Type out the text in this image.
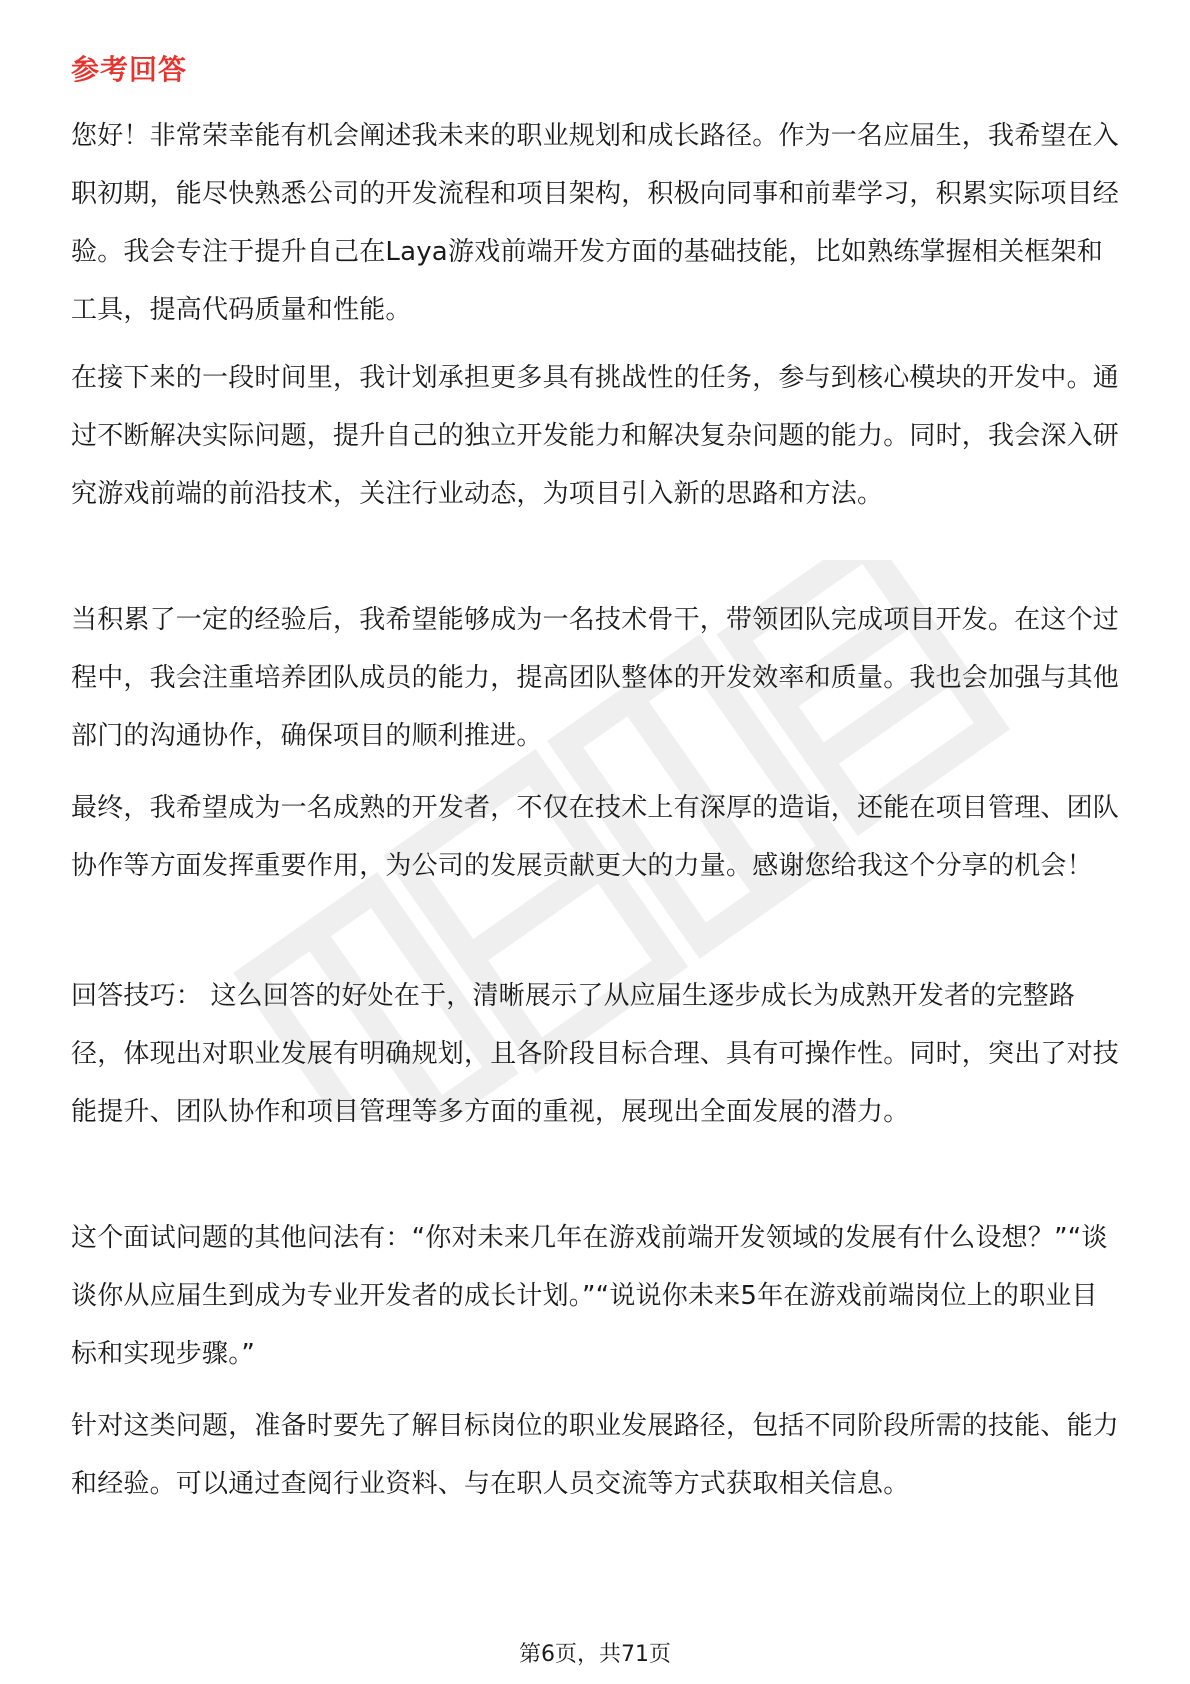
参考回答

您好！非常荣幸能有机会阐述我未来的职业规划和成长路径。作为一名应届生，我希望在入职初期，能尽快熟悉公司的开发流程和项目架构，积极向同事和前辈学习，积累实际项目经验。我会专注于提升自己在Laya游戏前端开发方面的基础技能，比如熟练掌握相关框架和工具，提高代码质量和性能。

在接下来的一段时间里，我计划承担更多具有挑战性的任务，参与到核心模块的开发中。通过不断解决实际问题，提升自己的独立开发能力和解决复杂问题的能力。同时，我会深入研究游戏前端的前沿技术，关注行业动态，为项目引入新的思路和方法。

当积累了一定的经验后，我希望能够成为一名技术骨干，带领团队完成项目开发。在这个过程中，我会注重培养团队成员的能力，提高团队整体的开发效率和质量。我也会加强与其他部门的沟通协作，确保项目的顺利推进。

最终，我希望成为一名成熟的开发者，不仅在技术上有深厚的造诣，还能在项目管理、团队协作等方面发挥重要作用，为公司的发展贡献更大的力量。感谢您给我这个分享的机会！

回答技巧： 这么回答的好处在于，清晰展示了从应届生逐步成长为成熟开发者的完整路径，体现出对职业发展有明确规划，且各阶段目标合理、具有可操作性。同时，突出了对技能提升、团队协作和项目管理等多方面的重视，展现出全面发展的潜力。

这个面试问题的其他问法有：“你对未来几年在游戏前端开发领域的发展有什么设想？”“谈谈你从应届生到成为专业开发者的成长计划。”“说说你未来5年在游戏前端岗位上的职业目标和实现步骤。”

针对这类问题，准备时要先了解目标岗位的职业发展路径，包括不同阶段所需的技能、能力和经验。可以通过查阅行业资料、与在职人员交流等方式获取相关信息。

第6页，共71页
